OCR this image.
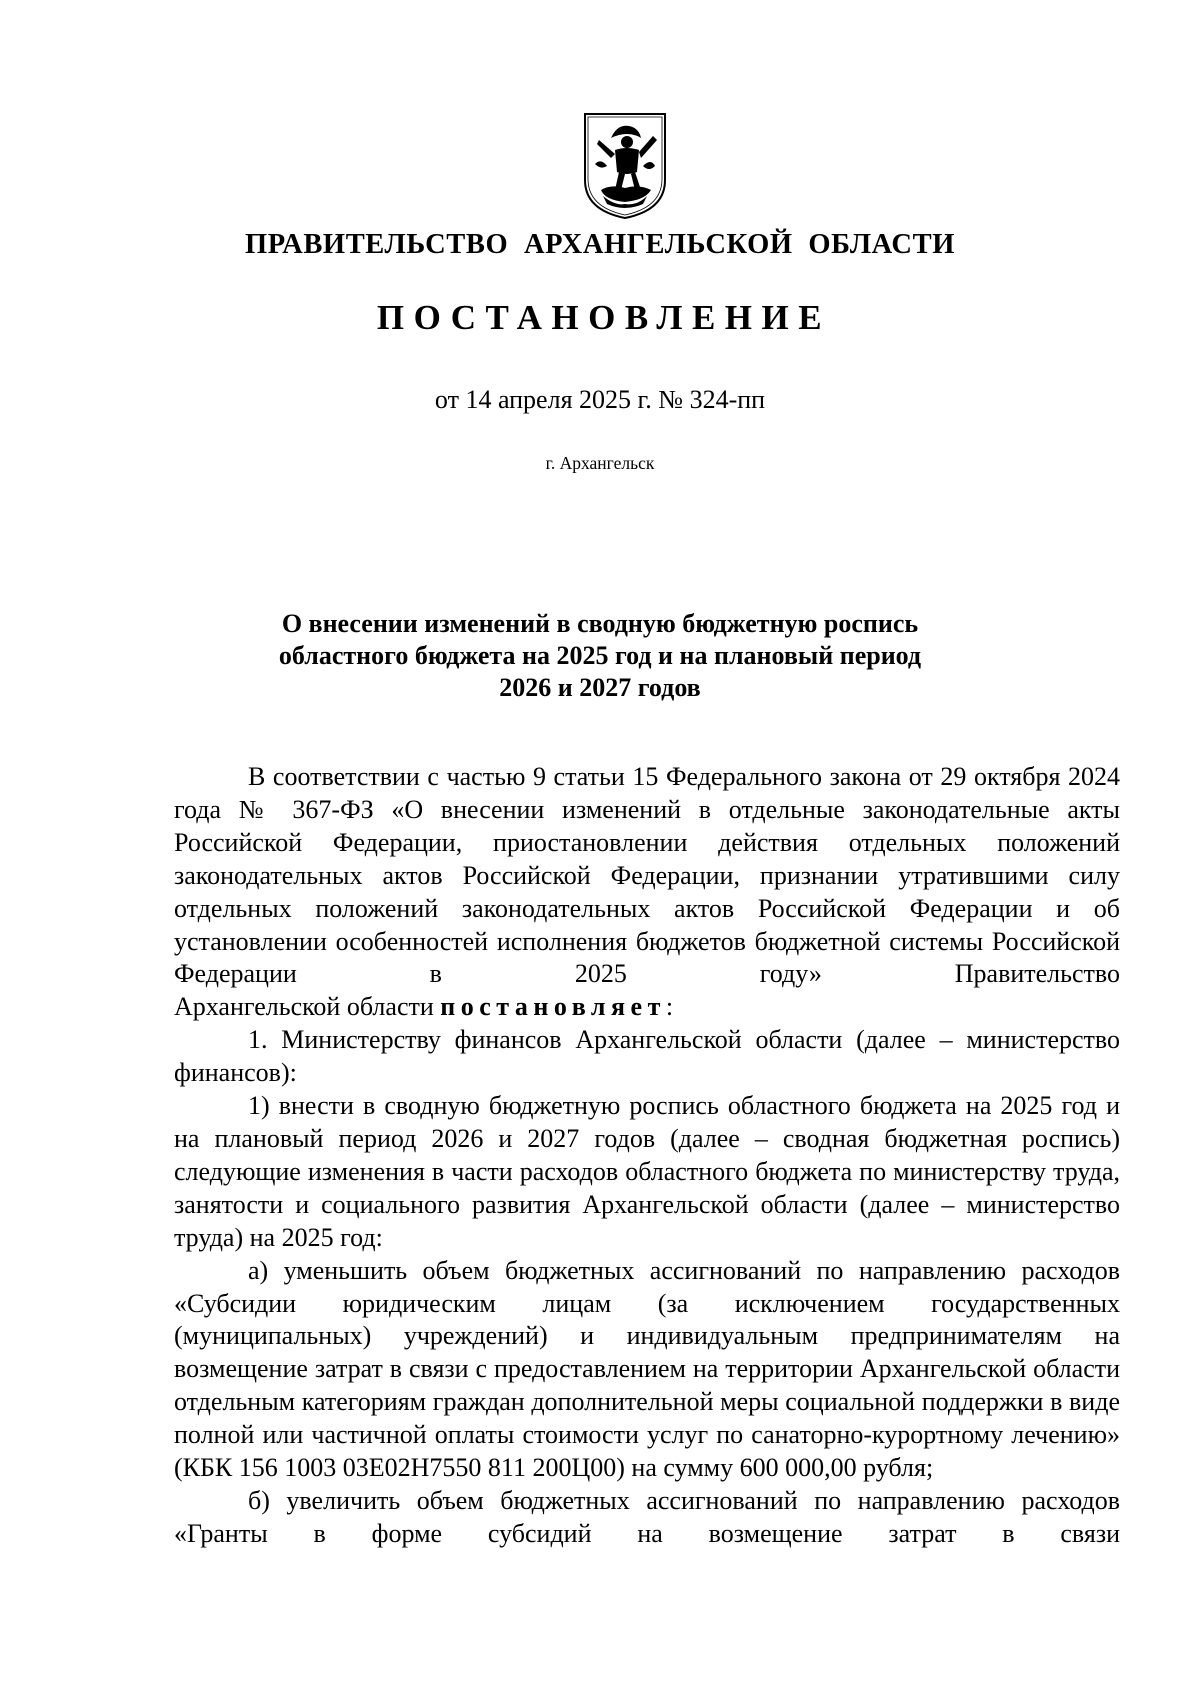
ПРАВИТЕЛЬСТВО АРХАНГЕЛЬСКОЙ ОБЛАСТИ
ПОСТАНОВЛЕНИЕ
от 14 апреля 2025 г. № 324-пп
г. Архангельск
О внесении изменений в сводную бюджетную роспись
областного бюджета на 2025 год и на плановый период
2026 и 2027 годов

В соответствии с частью 9 статьи 15 Федерального закона от 29 октября 2024 года № 367-ФЗ «О внесении изменений в отдельные законодательные акты Российской Федерации, приостановлении действия отдельных положений законодательных актов Российской Федерации, признании утратившими силу отдельных положений законодательных актов Российской Федерации и об установлении особенностей исполнения бюджетов бюджетной системы Российской Федерации в 2025 году» Правительство

Архангельской области постановляет:

1. Министерству финансов Архангельской области (далее – министерство финансов):

1) внести в сводную бюджетную роспись областного бюджета на 2025 год и на плановый период 2026 и 2027 годов (далее – сводная бюджетная роспись) следующие изменения в части расходов областного бюджета по министерству труда, занятости и социального развития Архангельской области (далее – министерство труда) на 2025 год:

а) уменьшить объем бюджетных ассигнований по направлению расходов «Субсидии юридическим лицам (за исключением государственных (муниципальных) учреждений) и индивидуальным предпринимателям на возмещение затрат в связи с предоставлением на территории Архангельской области отдельным категориям граждан дополнительной меры социальной поддержки в виде полной или частичной оплаты стоимости услуг по санаторно-курортному лечению» (КБК 156 1003 03Е02Н7550 811 200Ц00) на сумму 600 000,00 рубля;

б) увеличить объем бюджетных ассигнований по направлению расходов «Гранты в форме субсидий на возмещение затрат в связи
